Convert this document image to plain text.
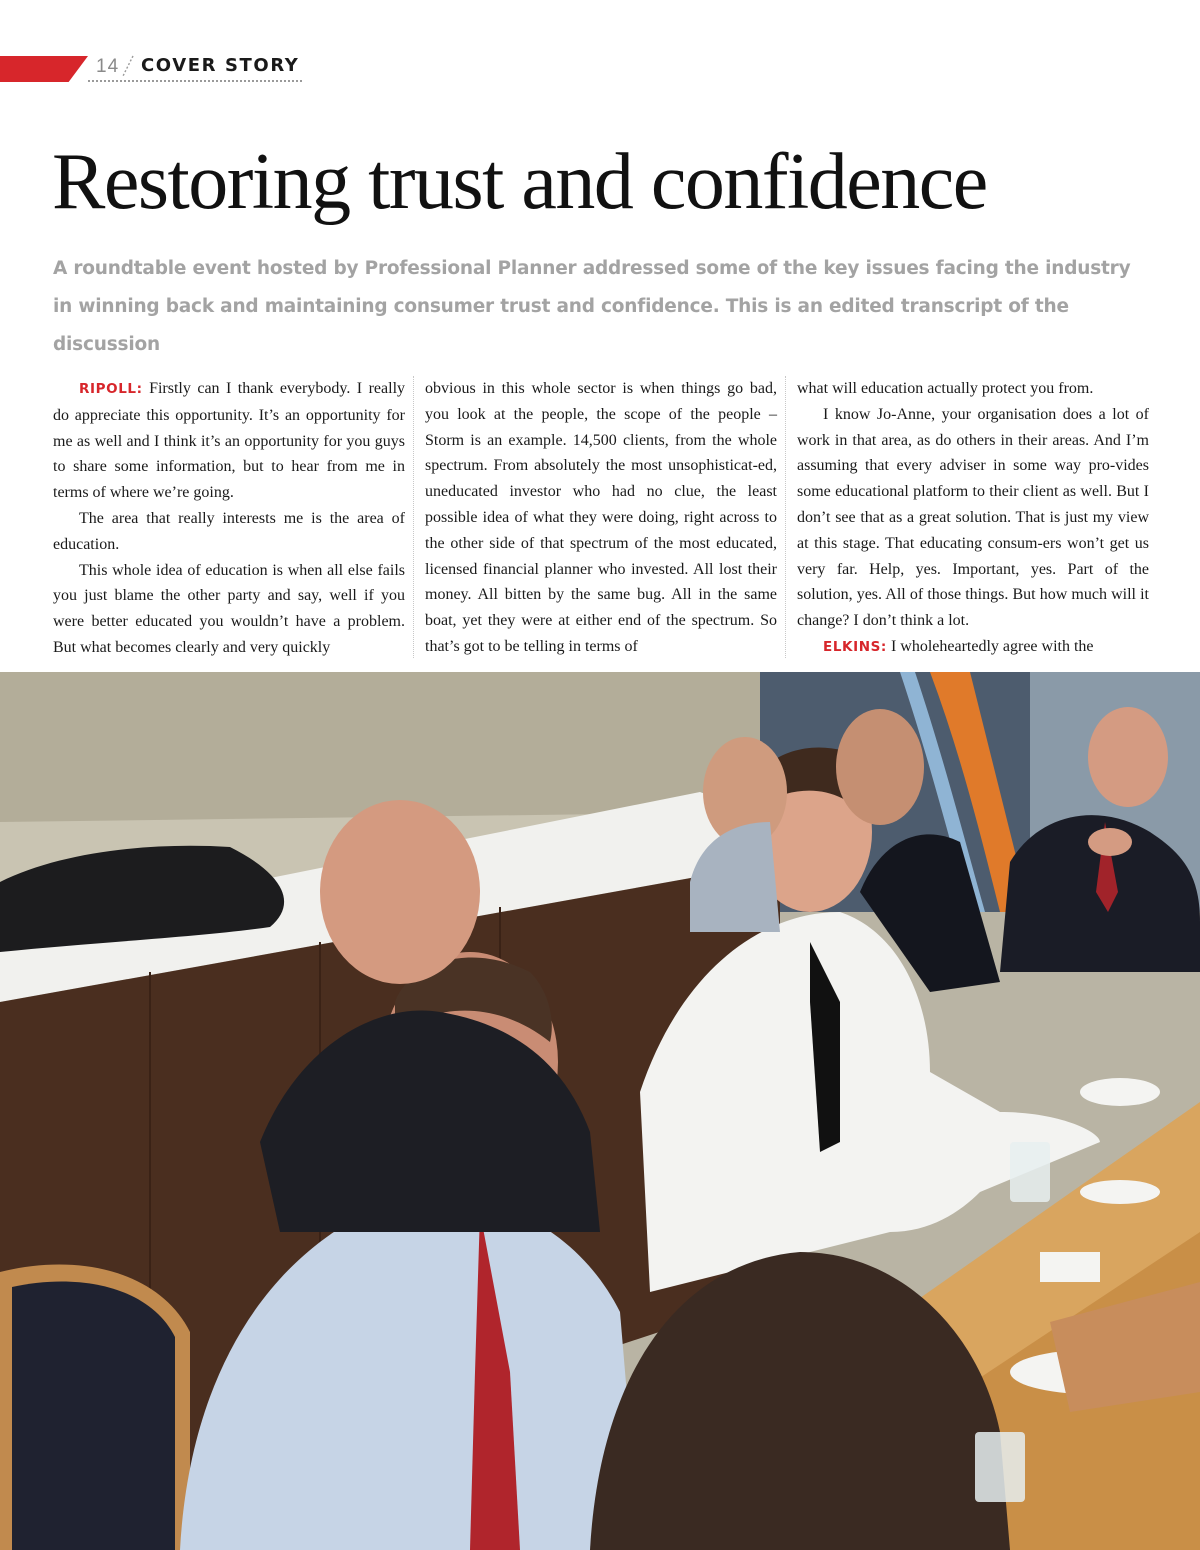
14 COVER STORY
Restoring trust and confidence

A roundtable event hosted by Professional Planner addressed some of the key issues facing the industry in winning back and maintaining consumer trust and confidence. This is an edited transcript of the discussion

RIPOLL: Firstly can I thank everybody. I really do appreciate this opportunity. It’s an opportunity for me as well and I think it’s an opportunity for you guys to share some information, but to hear from me in terms of where we’re going.

The area that really interests me is the area of education.

This whole idea of education is when all else fails you just blame the other party and say, well if you were better educated you wouldn’t have a problem. But what becomes clearly and very quickly

obvious in this whole sector is when things go bad, you look at the people, the scope of the people – Storm is an example. 14,500 clients, from the whole spectrum. From absolutely the most unsophisticat-ed, uneducated investor who had no clue, the least possible idea of what they were doing, right across to the other side of that spectrum of the most educated, licensed financial planner who invested. All lost their money. All bitten by the same bug. All in the same boat, yet they were at either end of the spectrum. So that’s got to be telling in terms of

what will education actually protect you from.

I know Jo-Anne, your organisation does a lot of work in that area, as do others in their areas. And I’m assuming that every adviser in some way pro-vides some educational platform to their client as well. But I don’t see that as a great solution. That is just my view at this stage. That educating consum-ers won’t get us very far. Help, yes. Important, yes. Part of the solution, yes. All of those things. But how much will it change? I don’t think a lot.

ELKINS: I wholeheartedly agree with the
